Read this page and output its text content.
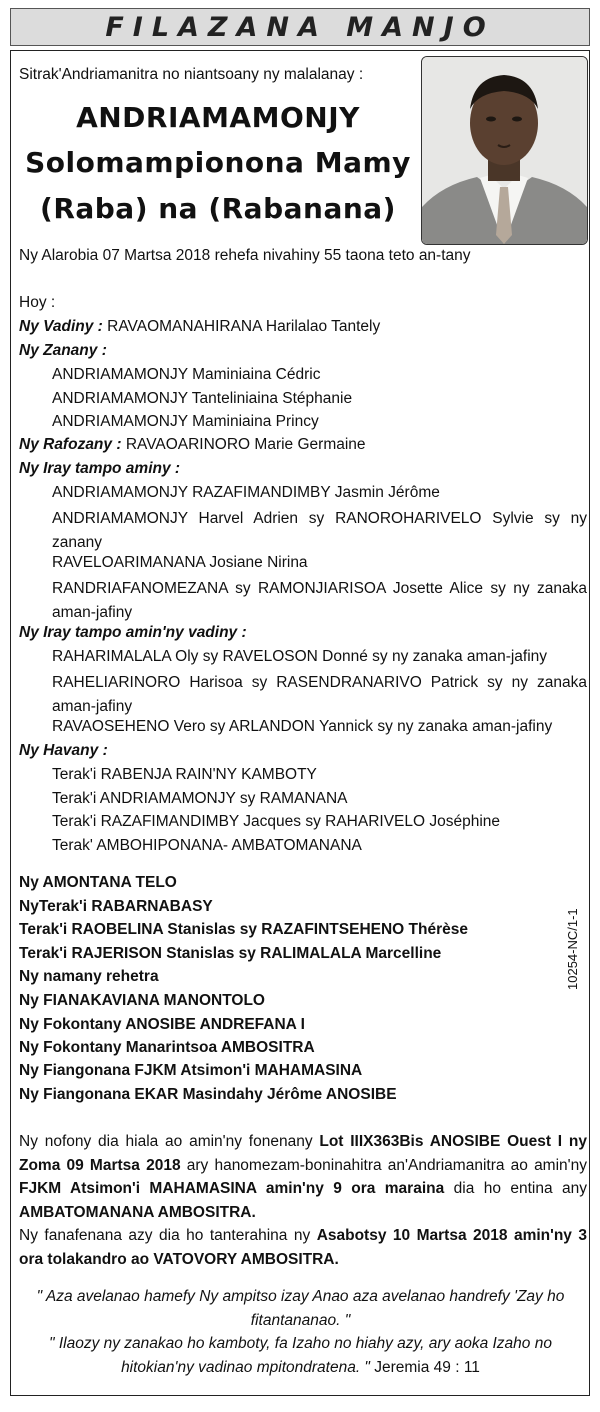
FILAZANA MANJO
Sitrak'Andriamanitra no niantsoany ny malalanay :
ANDRIAMAMONJY
Solomampionona Mamy
(Raba) na (Rabanana)
Ny Alarobia 07 Martsa 2018 rehefa nivahiny 55 taona teto an-tany
Hoy :
Ny Vadiny : RAVAOMANAHIRANA Harilalao Tantely
Ny Zanany :
ANDRIAMAMONJY Maminiaina Cédric
ANDRIAMAMONJY Tanteliniaina Stéphanie
ANDRIAMAMONJY Maminiaina Princy
Ny Rafozany : RAVAOARINORO Marie Germaine
Ny Iray tampo aminy :
ANDRIAMAMONJY RAZAFIMANDIMBY Jasmin Jérôme
ANDRIAMAMONJY Harvel Adrien sy RANOROHARIVELO Sylvie sy ny zanany
RAVELOARIMANANA Josiane Nirina
RANDRIAFANOMEZANA sy RAMONJIARISOA Josette Alice sy ny zanaka aman-jafiny
Ny Iray tampo amin'ny vadiny :
RAHARIMALALA Oly sy RAVELOSON Donné sy ny zanaka aman-jafiny
RAHELIARINORO Harisoa sy RASENDRANARIVO Patrick sy ny zanaka aman-jafiny
RAVAOSEHENO Vero sy ARLANDON Yannick sy ny zanaka aman-jafiny
Ny Havany :
Terak'i RABENJA RAIN'NY KAMBOTY
Terak'i ANDRIAMAMONJY sy RAMANANA
Terak'i RAZAFIMANDIMBY Jacques sy RAHARIVELO Joséphine
Terak' AMBOHIPONANA- AMBATOMANANA
Ny AMONTANA TELO
NyTerak'i RABARNABASY
Terak'i RAOBELINA Stanislas sy RAZAFINTSEHENO Thérèse
Terak'i RAJERISON Stanislas sy RALIMALALA Marcelline
Ny namany rehetra
Ny FIANAKAVIANA MANONTOLO
Ny Fokontany ANOSIBE ANDREFANA I
Ny Fokontany Manarintsoa AMBOSITRA
Ny Fiangonana FJKM Atsimon'i MAHAMASINA
Ny Fiangonana EKAR Masindahy Jérôme ANOSIBE
10254-NC/1-1
Ny nofony dia hiala ao amin'ny fonenany Lot IIIX363Bis ANOSIBE Ouest I ny Zoma 09 Martsa 2018 ary hanomezam-boninahitra an'Andriamanitra ao amin'ny FJKM Atsimon'i MAHAMASINA amin'ny 9 ora maraina dia ho entina any AMBATOMANANA AMBOSITRA.
Ny fanafenana azy dia ho tanterahina ny Asabotsy 10 Martsa 2018 amin'ny 3 ora tolakandro ao VATOVORY AMBOSITRA.
" Aza avelanao hamefy Ny ampitso izay Anao aza avelanao handrefy 'Zay ho fitantananao. "
" Ilaozy ny zanakao ho kamboty, fa Izaho no hiahy azy, ary aoka Izaho no hitokian'ny vadinao mpitondratena. " Jeremia 49 : 11
